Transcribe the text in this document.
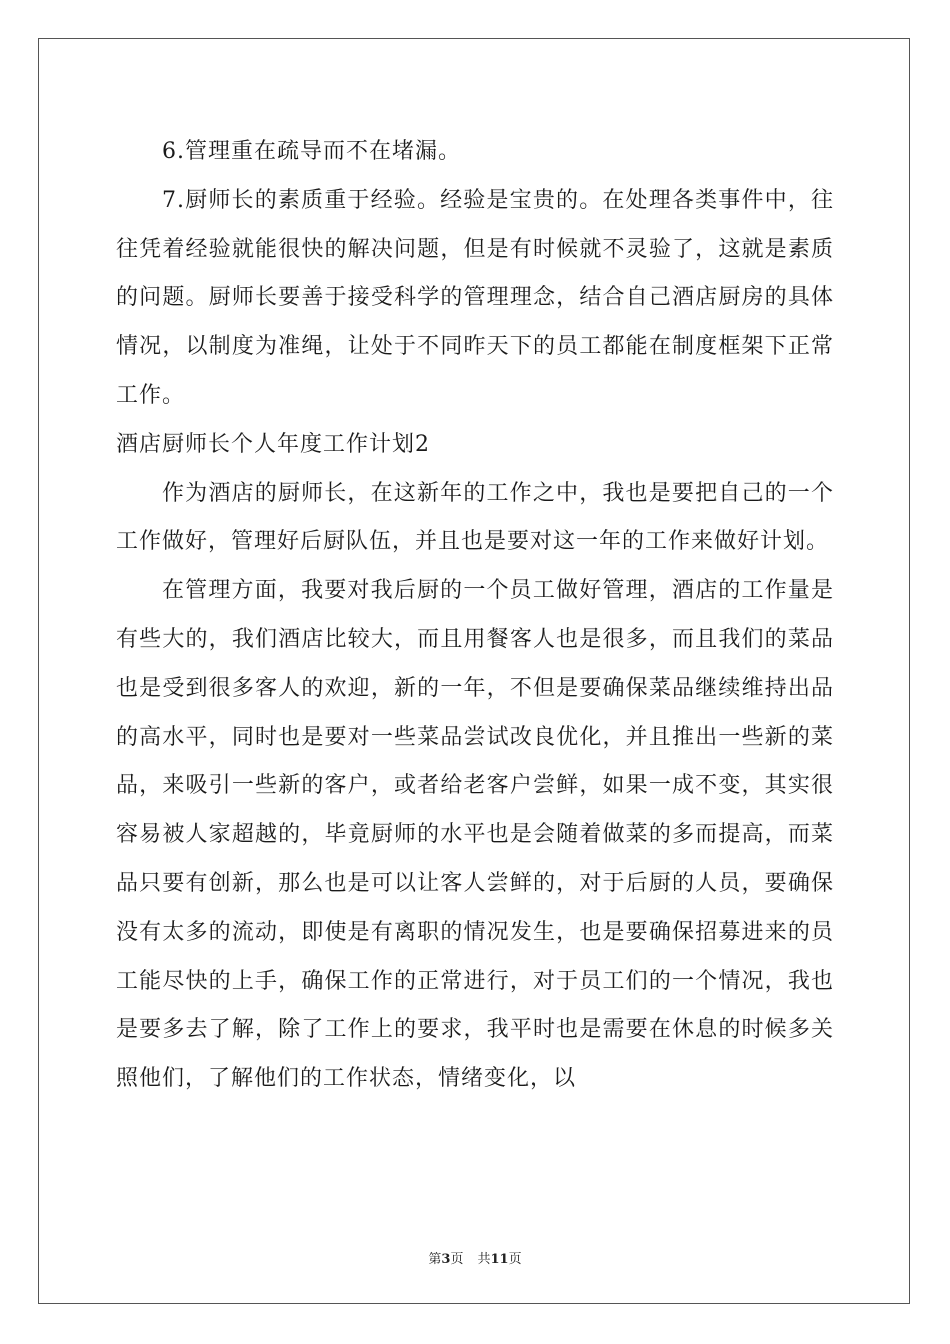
6.管理重在疏导而不在堵漏。

7.厨师长的素质重于经验。经验是宝贵的。在处理各类事件中，往往凭着经验就能很快的解决问题，但是有时候就不灵验了，这就是素质的问题。厨师长要善于接受科学的管理理念，结合自己酒店厨房的具体情况，以制度为准绳，让处于不同昨天下的员工都能在制度框架下正常工作。

酒店厨师长个人年度工作计划2

作为酒店的厨师长，在这新年的工作之中，我也是要把自己的一个工作做好，管理好后厨队伍，并且也是要对这一年的工作来做好计划。

在管理方面，我要对我后厨的一个员工做好管理，酒店的工作量是有些大的，我们酒店比较大，而且用餐客人也是很多，而且我们的菜品也是受到很多客人的欢迎，新的一年，不但是要确保菜品继续维持出品的高水平，同时也是要对一些菜品尝试改良优化，并且推出一些新的菜品，来吸引一些新的客户，或者给老客户尝鲜，如果一成不变，其实很容易被人家超越的，毕竟厨师的水平也是会随着做菜的多而提高，而菜品只要有创新，那么也是可以让客人尝鲜的，对于后厨的人员，要确保没有太多的流动，即使是有离职的情况发生，也是要确保招募进来的员工能尽快的上手，确保工作的正常进行，对于员工们的一个情况，我也是要多去了解，除了工作上的要求，我平时也是需要在休息的时候多关照他们，了解他们的工作状态，情绪变化，以

第3页 共11页
